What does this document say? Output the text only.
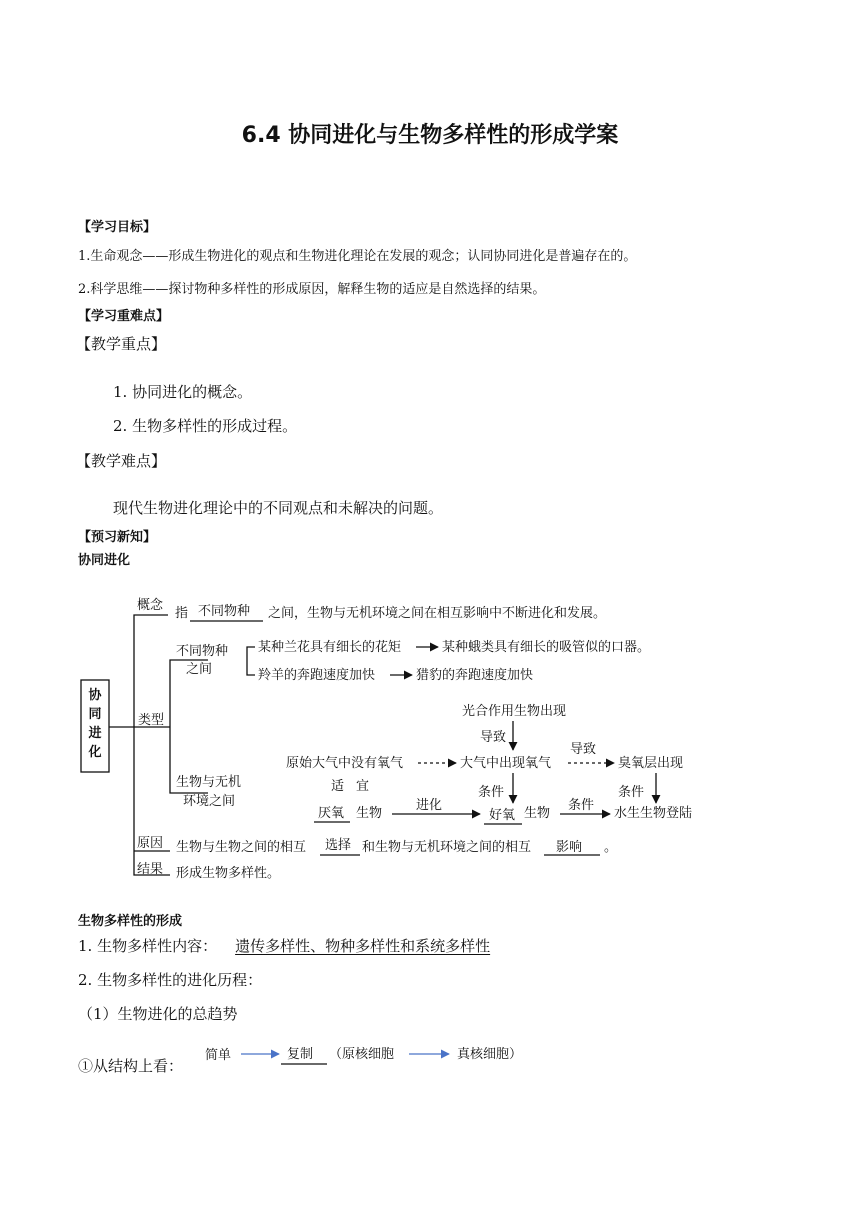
6.4 协同进化与生物多样性的形成学案
【学习目标】
1.生命观念——形成生物进化的观点和生物进化理论在发展的观念；认同协同进化是普遍存在的。
2.科学思维——探讨物种多样性的形成原因，解释生物的适应是自然选择的结果。
【学习重难点】
【教学重点】
1. 协同进化的概念。
2. 生物多样性的形成过程。
【教学难点】
现代生物进化理论中的不同观点和未解决的问题。
【预习新知】
协同进化
协
同
进
化
概念
指 不同物种 之间，生物与无机环境之间在相互影响中不断进化和发展。
类型
不同物种
之间
某种兰花具有细长的花矩	某种蛾类具有细长的吸管似的口器。
羚羊的奔跑速度加快	猎豹的奔跑速度加快
生物与无机
环境之间
光合作用生物出现
导致
原始大气中没有氧气	大气中出现氧气
导致
臭氧层出现
适 宜
厌氧 生物
进化
条件
好氧 生物
条件
水生生物登陆
条件
原因 生物与生物之间的相互 选择 和生物与无机环境之间的相互 影响 。
结果 形成生物多样性。
生物多样性的形成
1. 生物多样性内容： 遗传多样性、物种多样性和系统多样性
2. 生物多样性的进化历程：
（1）生物进化的总趋势
①从结构上看：
简单	复制 （原核细胞	真核细胞）
